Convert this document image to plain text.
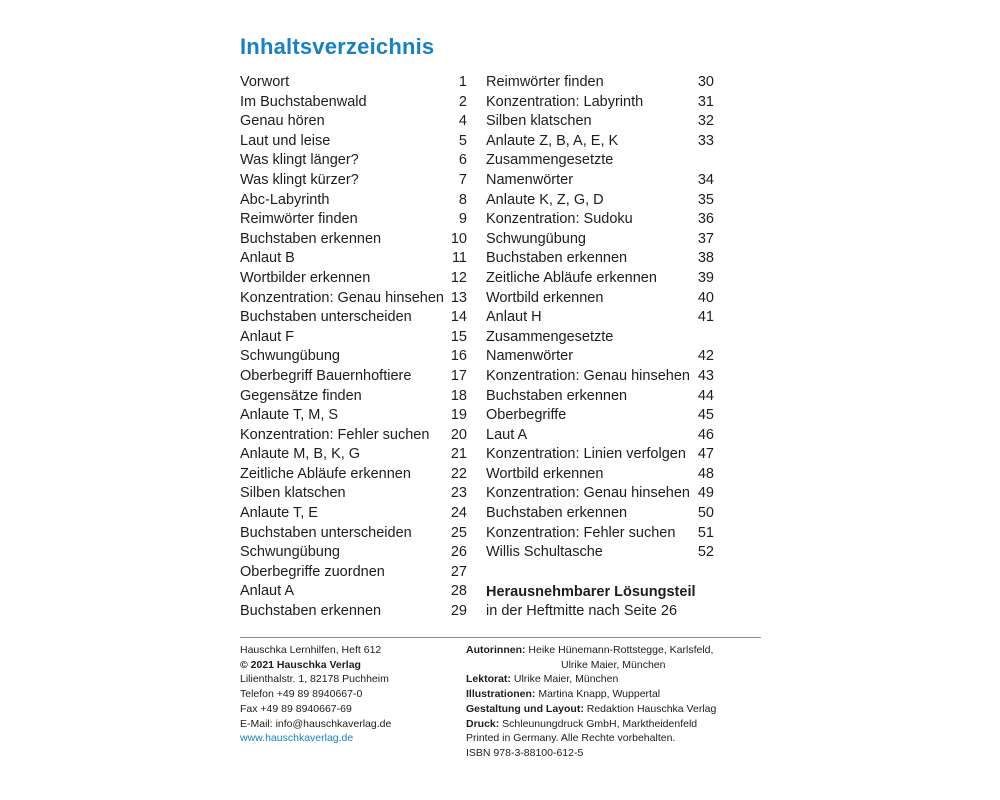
Inhaltsverzeichnis
Vorwort	1
Im Buchstabenwald	2
Genau hören	4
Laut und leise	5
Was klingt länger?	6
Was klingt kürzer?	7
Abc-Labyrinth	8
Reimwörter finden	9
Buchstaben erkennen	10
Anlaut B	11
Wortbilder erkennen	12
Konzentration: Genau hinsehen 13
Buchstaben unterscheiden	14
Anlaut F	15
Schwungübung	16
Oberbegriff Bauernhoftiere	17
Gegensätze finden	18
Anlaute T, M, S	19
Konzentration: Fehler suchen	20
Anlaute M, B, K, G	21
Zeitliche Abläufe erkennen	22
Silben klatschen	23
Anlaute T, E	24
Buchstaben unterscheiden	25
Schwungübung	26
Oberbegriffe zuordnen	27
Anlaut A	28
Buchstaben erkennen	29
Reimwörter finden	30
Konzentration: Labyrinth	31
Silben klatschen	32
Anlaute Z, B, A, E, K	33
Zusammengesetzte
Namenwörter	34
Anlaute K, Z, G, D	35
Konzentration: Sudoku	36
Schwungübung	37
Buchstaben erkennen	38
Zeitliche Abläufe erkennen	39
Wortbild erkennen	40
Anlaut H	41
Zusammengesetzte
Namenwörter	42
Konzentration: Genau hinsehen 43
Buchstaben erkennen	44
Oberbegriffe	45
Laut A	46
Konzentration: Linien verfolgen 47
Wortbild erkennen	48
Konzentration: Genau hinsehen 49
Buchstaben erkennen	50
Konzentration: Fehler suchen	51
Willis Schultasche	52
Herausnehmbarer Lösungsteil
in der Heftmitte nach Seite 26
Hauschka Lernhilfen, Heft 612
© 2021 Hauschka Verlag
Lilienthalstr. 1, 82178 Puchheim
Telefon +49 89 8940667-0
Fax +49 89 8940667-69
E-Mail: info@hauschkaverlag.de
www.hauschkaverlag.de
Autorinnen: Heike Hünemann-Rottstegge, Karlsfeld,
Ulrike Maier, München
Lektorat: Ulrike Maier, München
Illustrationen: Martina Knapp, Wuppertal
Gestaltung und Layout: Redaktion Hauschka Verlag
Druck: Schleunungdruck GmbH, Marktheidenfeld
Printed in Germany. Alle Rechte vorbehalten.
ISBN 978-3-88100-612-5
